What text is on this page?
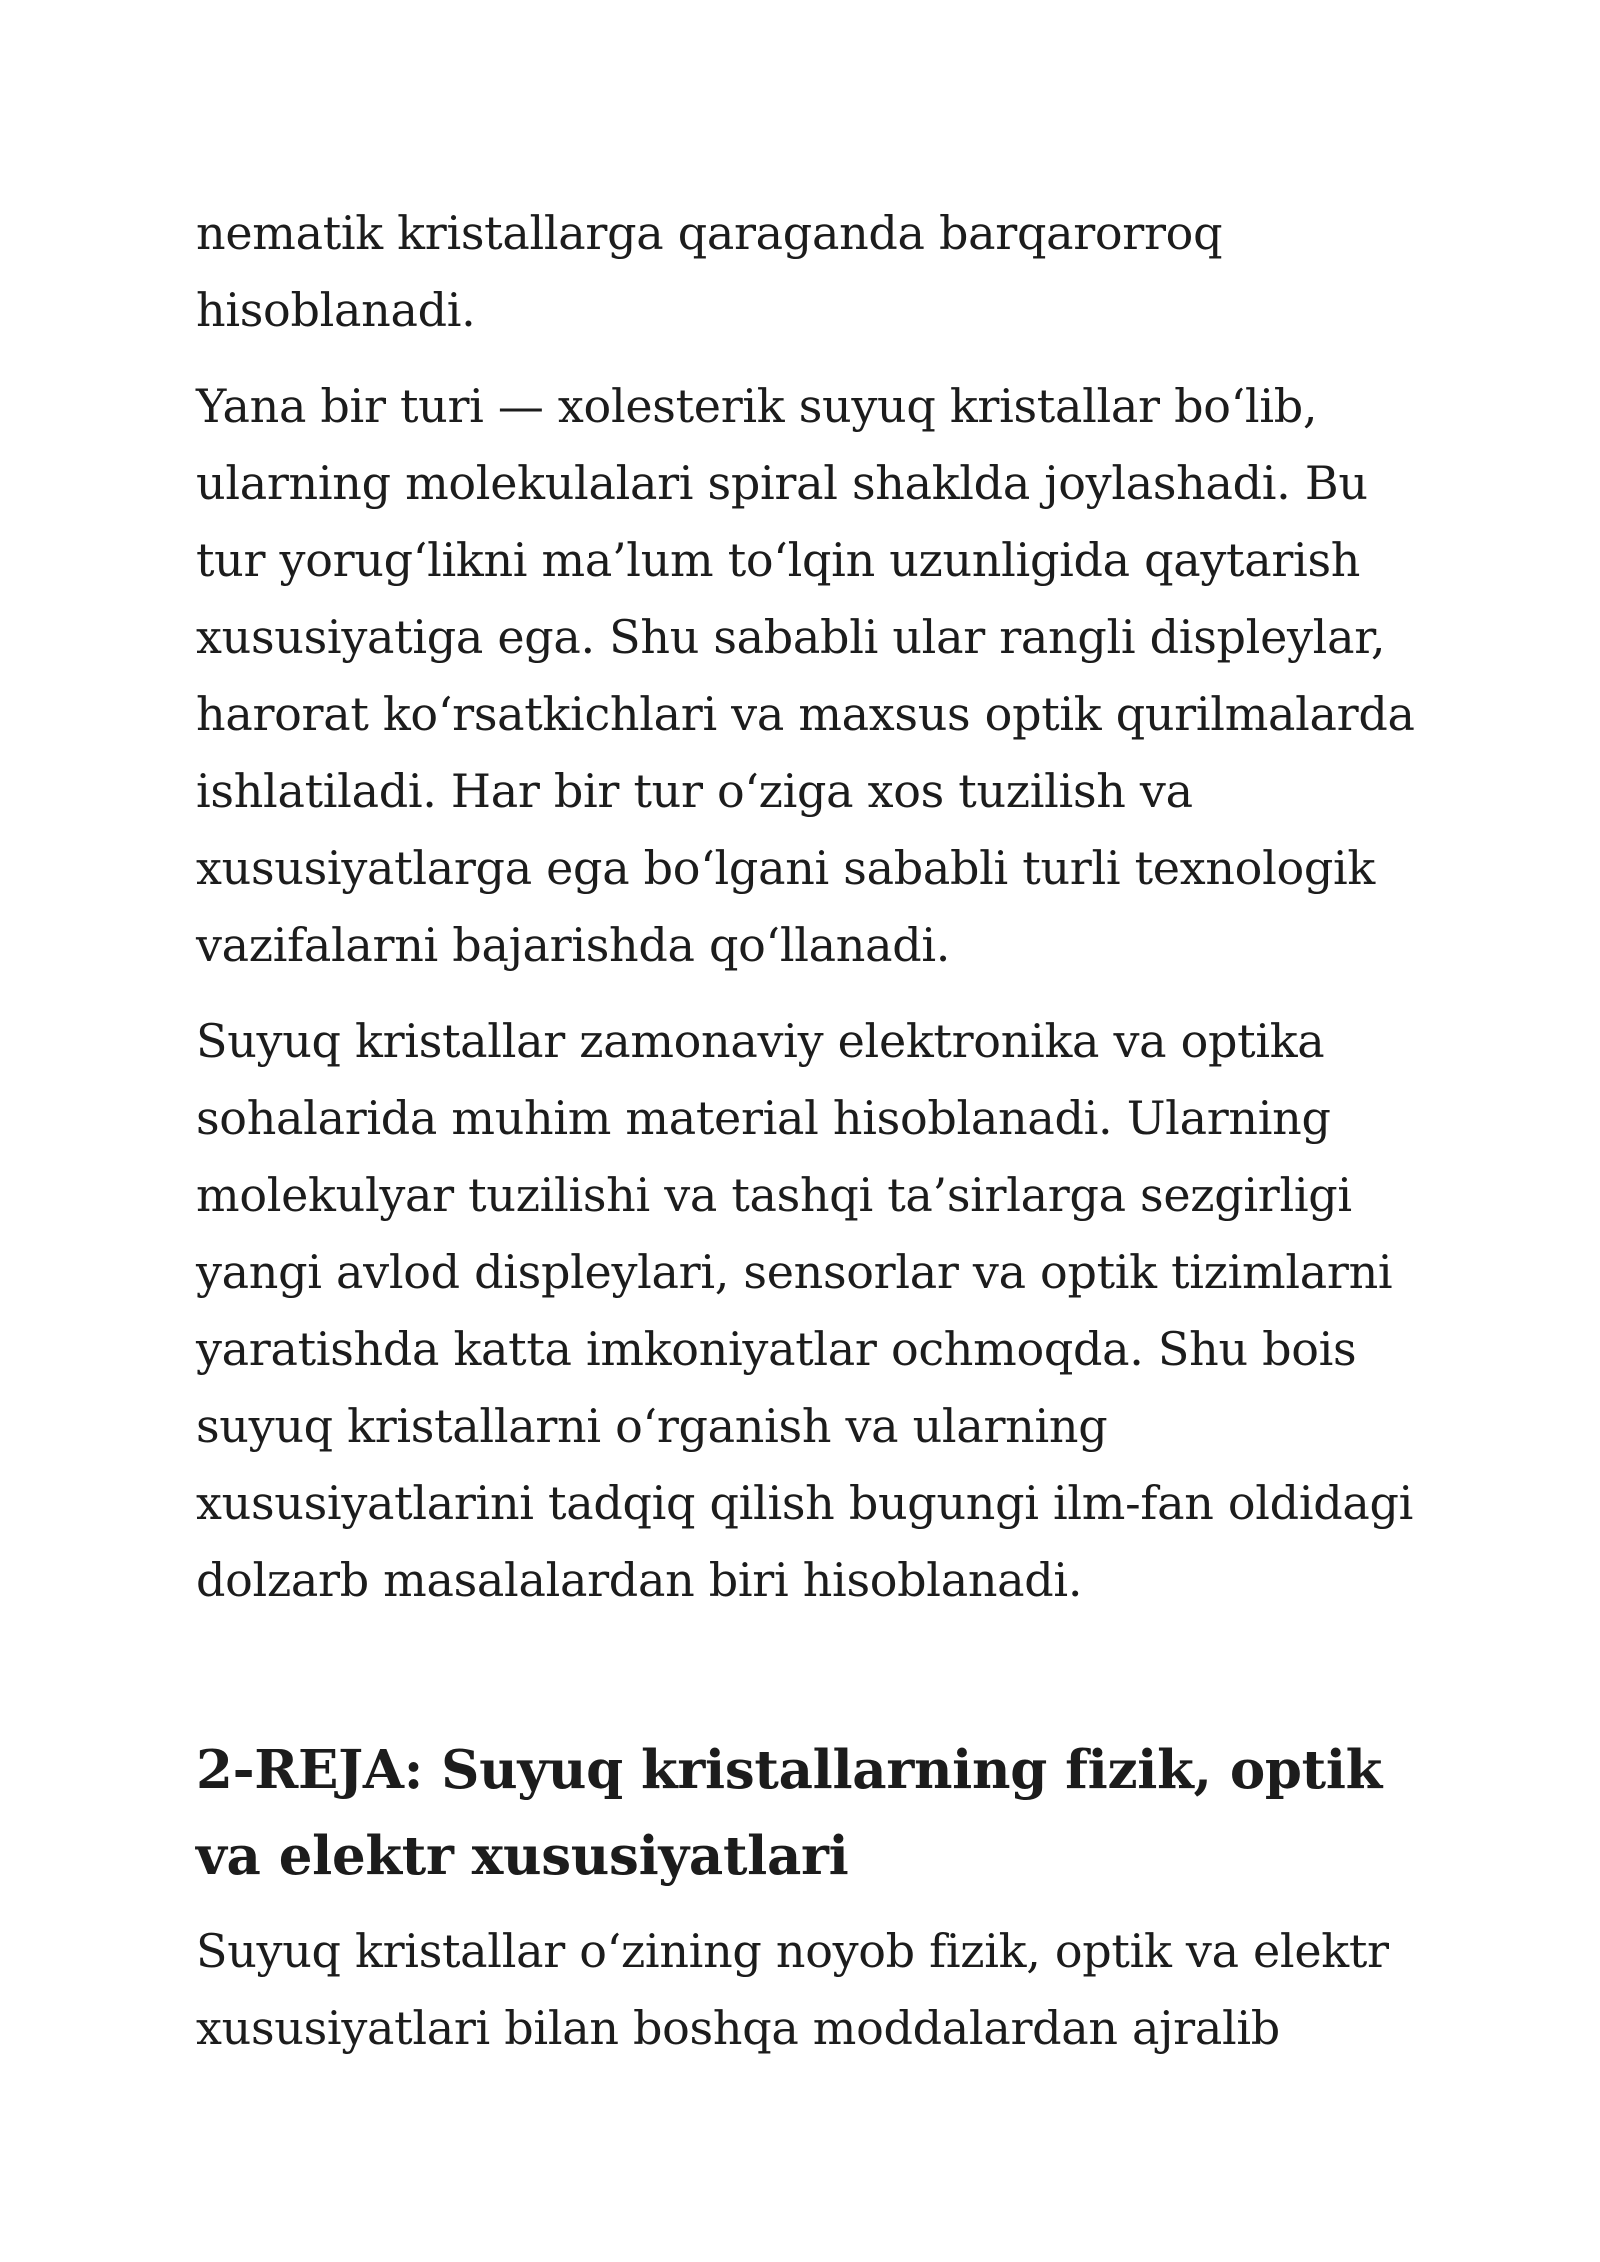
nematik kristallarga qaraganda barqarorroq hisoblanadi.

Yana bir turi — xolesterik suyuq kristallar bo‘lib, ularning molekulalari spiral shaklda joylashadi. Bu tur yorug‘likni ma’lum to‘lqin uzunligida qaytarish xususiyatiga ega. Shu sababli ular rangli displeylar, harorat ko‘rsatkichlari va maxsus optik qurilmalarda ishlatiladi. Har bir tur o‘ziga xos tuzilish va xususiyatlarga ega bo‘lgani sababli turli texnologik vazifalarni bajarishda qo‘llanadi.

Suyuq kristallar zamonaviy elektronika va optika sohalarida muhim material hisoblanadi. Ularning molekulyar tuzilishi va tashqi ta’sirlarga sezgirligi yangi avlod displeylari, sensorlar va optik tizimlarni yaratishda katta imkoniyatlar ochmoqda. Shu bois suyuq kristallarni o‘rganish va ularning xususiyatlarini tadqiq qilish bugungi ilm-fan oldidagi dolzarb masalalardan biri hisoblanadi.

2-REJA: Suyuq kristallarning fizik, optik va elektr xususiyatlari

Suyuq kristallar o‘zining noyob fizik, optik va elektr xususiyatlari bilan boshqa moddalardan ajralib
